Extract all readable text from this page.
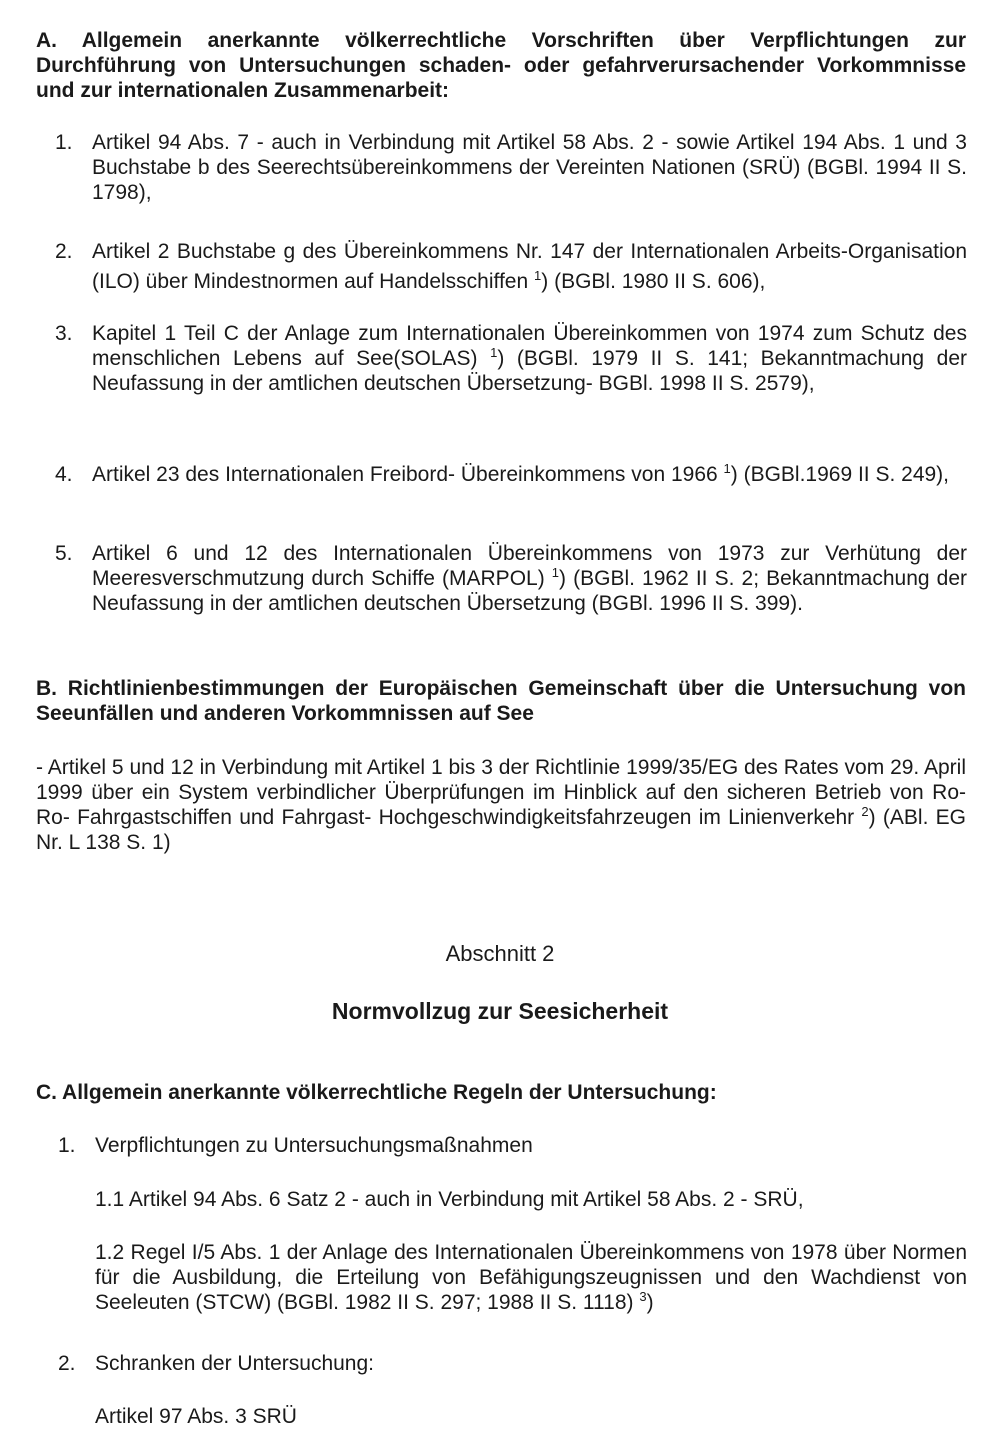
A. Allgemein anerkannte völkerrechtliche Vorschriften über Verpflichtungen zur Durchführung von Untersuchungen schaden- oder gefahrverursachender Vorkommnisse und zur internationalen Zusammenarbeit:
1. Artikel 94 Abs. 7 - auch in Verbindung mit Artikel 58 Abs. 2 - sowie Artikel 194 Abs. 1 und 3 Buchstabe b des Seerechtsübereinkommens der Vereinten Nationen (SRÜ) (BGBl. 1994 II S. 1798),
2. Artikel 2 Buchstabe g des Übereinkommens Nr. 147 der Internationalen Arbeits-Organisation (ILO) über Mindestnormen auf Handelsschiffen $^1$) (BGBl. 1980 II S. 606),
3. Kapitel 1 Teil C der Anlage zum Internationalen Übereinkommen von 1974 zum Schutz des menschlichen Lebens auf See(SOLAS) $^1$) (BGBl. 1979 II S. 141; Bekanntmachung der Neufassung in der amtlichen deutschen Übersetzung- BGBl. 1998 II S. 2579),
4. Artikel 23 des Internationalen Freibord- Übereinkommens von 1966 $^1$) (BGBl.1969 II S. 249),
5. Artikel 6 und 12 des Internationalen Übereinkommens von 1973 zur Verhütung der Meeresverschmutzung durch Schiffe (MARPOL) $^1$) (BGBl. 1962 II S. 2; Bekanntmachung der Neufassung in der amtlichen deutschen Übersetzung (BGBl. 1996 II S. 399).
B. Richtlinienbestimmungen der Europäischen Gemeinschaft über die Untersuchung von Seeunfällen und anderen Vorkommnissen auf See
- Artikel 5 und 12 in Verbindung mit Artikel 1 bis 3 der Richtlinie 1999/35/EG des Rates vom 29. April 1999 über ein System verbindlicher Überprüfungen im Hinblick auf den sicheren Betrieb von Ro- Ro- Fahrgastschiffen und Fahrgast- Hochgeschwindigkeitsfahrzeugen im Linienverkehr $^2$) (ABl. EG Nr. L 138 S. 1)
Abschnitt 2
Normvollzug zur Seesicherheit
C. Allgemein anerkannte völkerrechtliche Regeln der Untersuchung:
1. Verpflichtungen zu Untersuchungsmaßnahmen
1.1 Artikel 94 Abs. 6 Satz 2 - auch in Verbindung mit Artikel 58 Abs. 2 - SRÜ,
1.2 Regel I/5 Abs. 1 der Anlage des Internationalen Übereinkommens von 1978 über Normen für die Ausbildung, die Erteilung von Befähigungszeugnissen und den Wachdienst von Seeleuten (STCW) (BGBl. 1982 II S. 297; 1988 II S. 1118) $^3$)
2. Schranken der Untersuchung:
Artikel 97 Abs. 3 SRÜ
